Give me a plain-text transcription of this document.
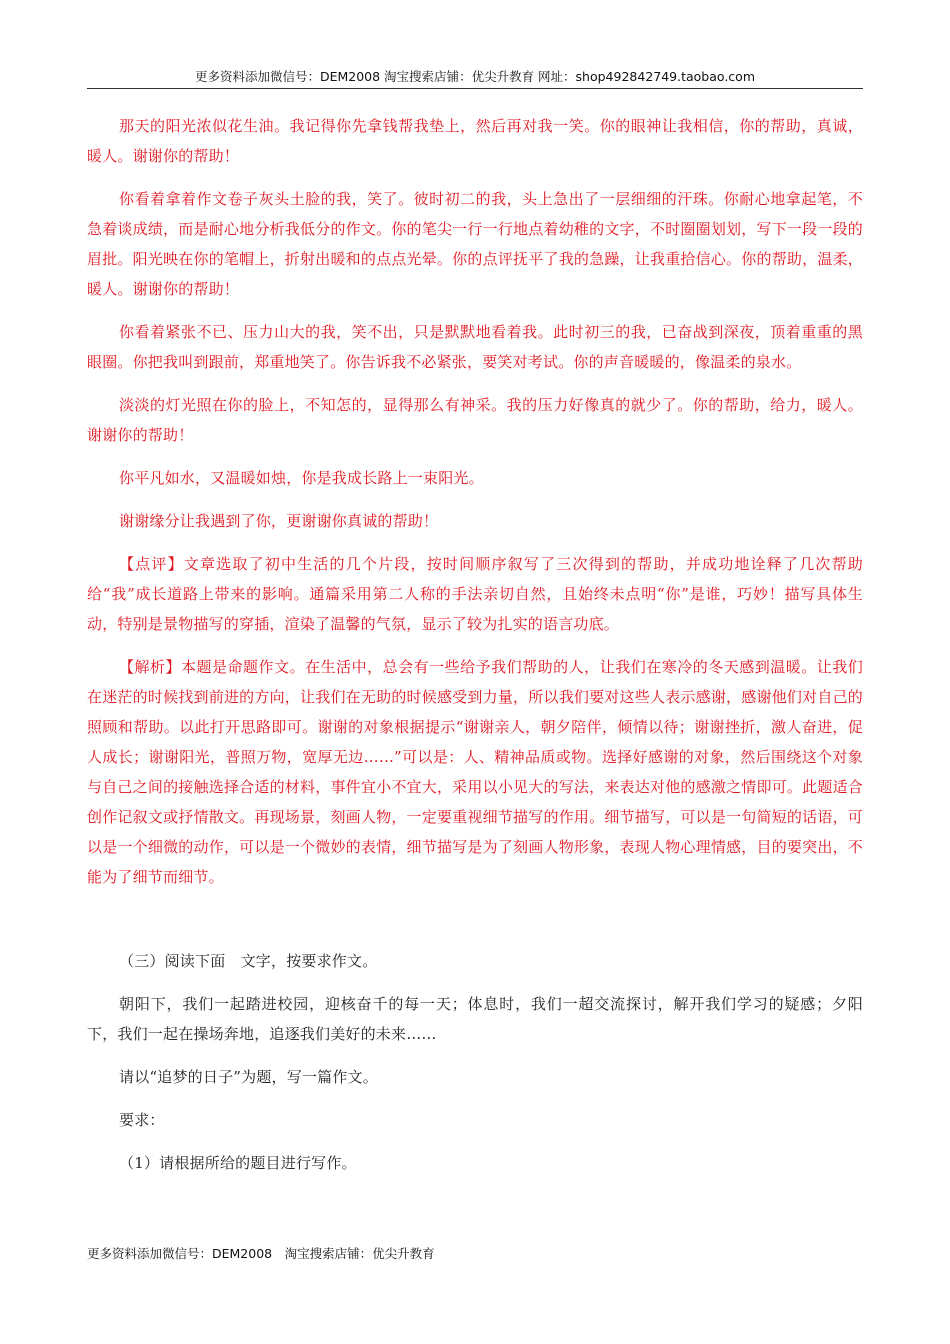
更多资料添加微信号：DEM2008 淘宝搜索店铺：优尖升教育 网址：shop492842749.taobao.com

那天的阳光浓似花生油。我记得你先拿钱帮我垫上，然后再对我一笑。你的眼神让我相信，你的帮助，真诚，暖人。谢谢你的帮助！

你看着拿着作文卷子灰头土脸的我，笑了。彼时初二的我，头上急出了一层细细的汗珠。你耐心地拿起笔，不急着谈成绩，而是耐心地分析我低分的作文。你的笔尖一行一行地点着幼稚的文字，不时圈圈划划，写下一段一段的眉批。阳光映在你的笔帽上，折射出暖和的点点光晕。你的点评抚平了我的急躁，让我重拾信心。你的帮助，温柔，暖人。谢谢你的帮助！

你看着紧张不已、压力山大的我，笑不出，只是默默地看着我。此时初三的我，已奋战到深夜，顶着重重的黑眼圈。你把我叫到跟前，郑重地笑了。你告诉我不必紧张，要笑对考试。你的声音暖暖的，像温柔的泉水。

淡淡的灯光照在你的脸上，不知怎的，显得那么有神采。我的压力好像真的就少了。你的帮助，给力，暖人。谢谢你的帮助！

你平凡如水，又温暖如烛，你是我成长路上一束阳光。

谢谢缘分让我遇到了你，更谢谢你真诚的帮助！

【点评】文章选取了初中生活的几个片段，按时间顺序叙写了三次得到的帮助，并成功地诠释了几次帮助给“我”成长道路上带来的影响。通篇采用第二人称的手法亲切自然，且始终未点明“你”是谁，巧妙！描写具体生动，特别是景物描写的穿插，渲染了温馨的气氛，显示了较为扎实的语言功底。

【解析】本题是命题作文。在生活中，总会有一些给予我们帮助的人，让我们在寒冷的冬天感到温暖。让我们在迷茫的时候找到前进的方向，让我们在无助的时候感受到力量，所以我们要对这些人表示感谢，感谢他们对自己的照顾和帮助。以此打开思路即可。谢谢的对象根据提示“谢谢亲人，朝夕陪伴，倾情以待；谢谢挫折，激人奋进，促人成长；谢谢阳光，普照万物，宽厚无边……”可以是：人、精神品质或物。选择好感谢的对象，然后围绕这个对象与自己之间的接触选择合适的材料，事件宜小不宜大，采用以小见大的写法，来表达对他的感激之情即可。此题适合创作记叙文或抒情散文。再现场景，刻画人物，一定要重视细节描写的作用。细节描写，可以是一句简短的话语，可以是一个细微的动作，可以是一个微妙的表情，细节描写是为了刻画人物形象，表现人物心理情感，目的要突出，不能为了细节而细节。

（三）阅读下面　文字，按要求作文。

朝阳下，我们一起踏进校园，迎核奋千的每一天；体息时，我们一超交流探讨，解开我们学习的疑感；夕阳下，我们一起在操场奔地，追逐我们美好的未来……

请以“追梦的日子”为题，写一篇作文。

要求：

（1）请根据所给的题目进行写作。

更多资料添加微信号：DEM2008　淘宝搜索店铺：优尖升教育
